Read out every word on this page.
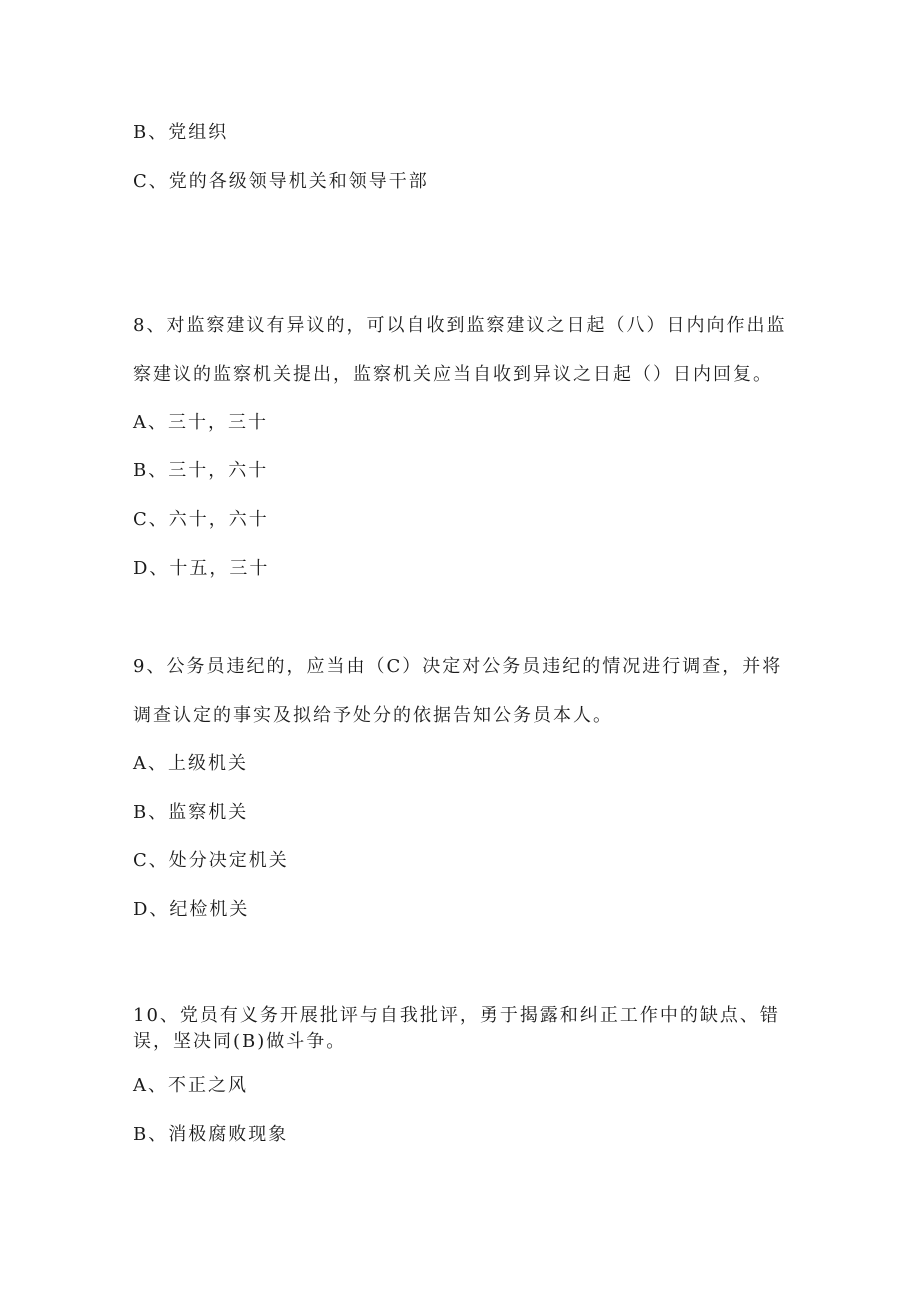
B、党组织
C、党的各级领导机关和领导干部
8、对监察建议有异议的，可以自收到监察建议之日起（八）日内向作出监
察建议的监察机关提出，监察机关应当自收到异议之日起（）日内回复。
A、三十，三十
B、三十，六十
C、六十，六十
D、十五，三十
9、公务员违纪的，应当由（C）决定对公务员违纪的情况进行调查，并将
调查认定的事实及拟给予处分的依据告知公务员本人。
A、上级机关
B、监察机关
C、处分决定机关
D、纪检机关
10、党员有义务开展批评与自我批评，勇于揭露和纠正工作中的缺点、错
误，坚决同(B)做斗争。
A、不正之风
B、消极腐败现象
